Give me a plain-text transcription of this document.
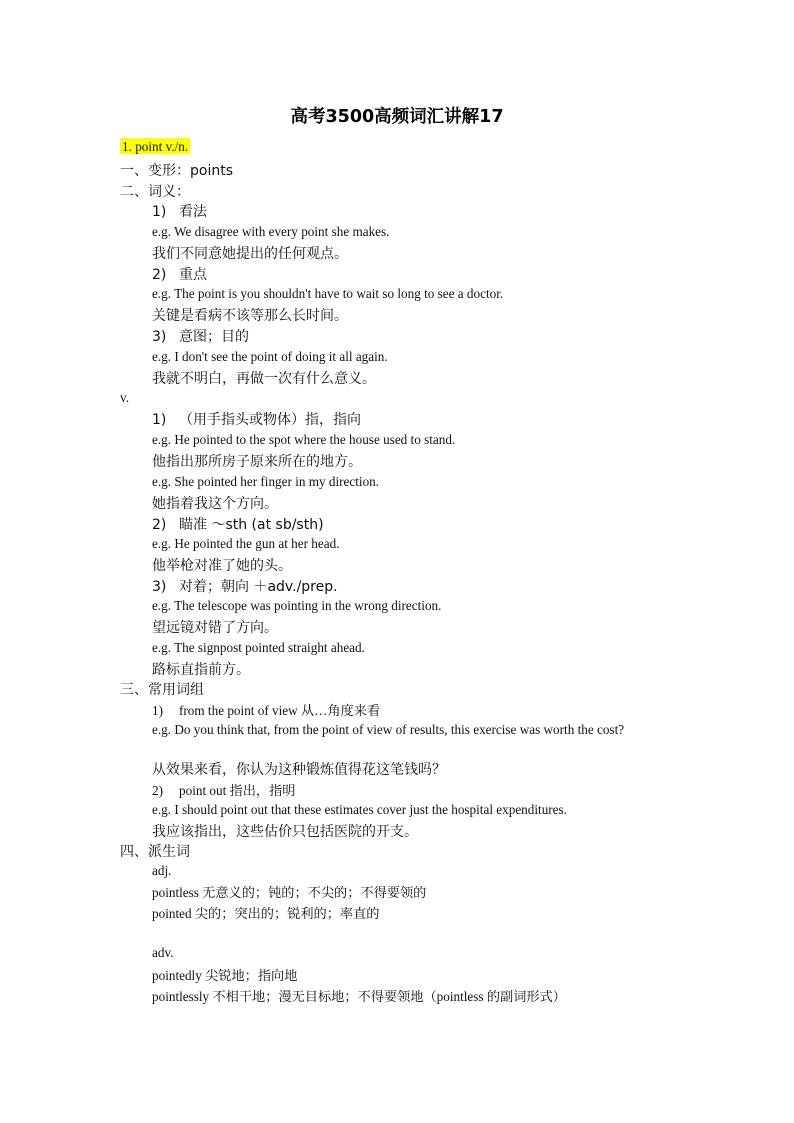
高考3500高频词汇讲解17
1. point v./n.
一、变形：points
二、词义：
1) 看法
e.g. We disagree with every point she makes.
我们不同意她提出的任何观点。
2) 重点
e.g. The point is you shouldn't have to wait so long to see a doctor.
关键是看病不该等那么长时间。
3) 意图；目的
e.g. I don't see the point of doing it all again.
我就不明白，再做一次有什么意义。
v.
1) （用手指头或物体）指，指向
e.g. He pointed to the spot where the house used to stand.
他指出那所房子原来所在的地方。
e.g. She pointed her finger in my direction.
她指着我这个方向。
2) 瞄准 ～sth (at sb/sth)
e.g. He pointed the gun at her head.
他举枪对准了她的头。
3) 对着；朝向 ＋adv./prep.
e.g. The telescope was pointing in the wrong direction.
望远镜对错了方向。
e.g. The signpost pointed straight ahead.
路标直指前方。
三、常用词组
1) from the point of view 从…角度来看
e.g. Do you think that, from the point of view of results, this exercise was worth the cost?
从效果来看，你认为这种锻炼值得花这笔钱吗？
2) point out 指出，指明
e.g. I should point out that these estimates cover just the hospital expenditures.
我应该指出，这些估价只包括医院的开支。
四、派生词
adj.
pointless 无意义的；钝的；不尖的；不得要领的
pointed 尖的；突出的；锐利的；率直的
adv.
pointedly 尖锐地；指向地
pointlessly 不相干地；漫无目标地；不得要领地（pointless 的副词形式）
